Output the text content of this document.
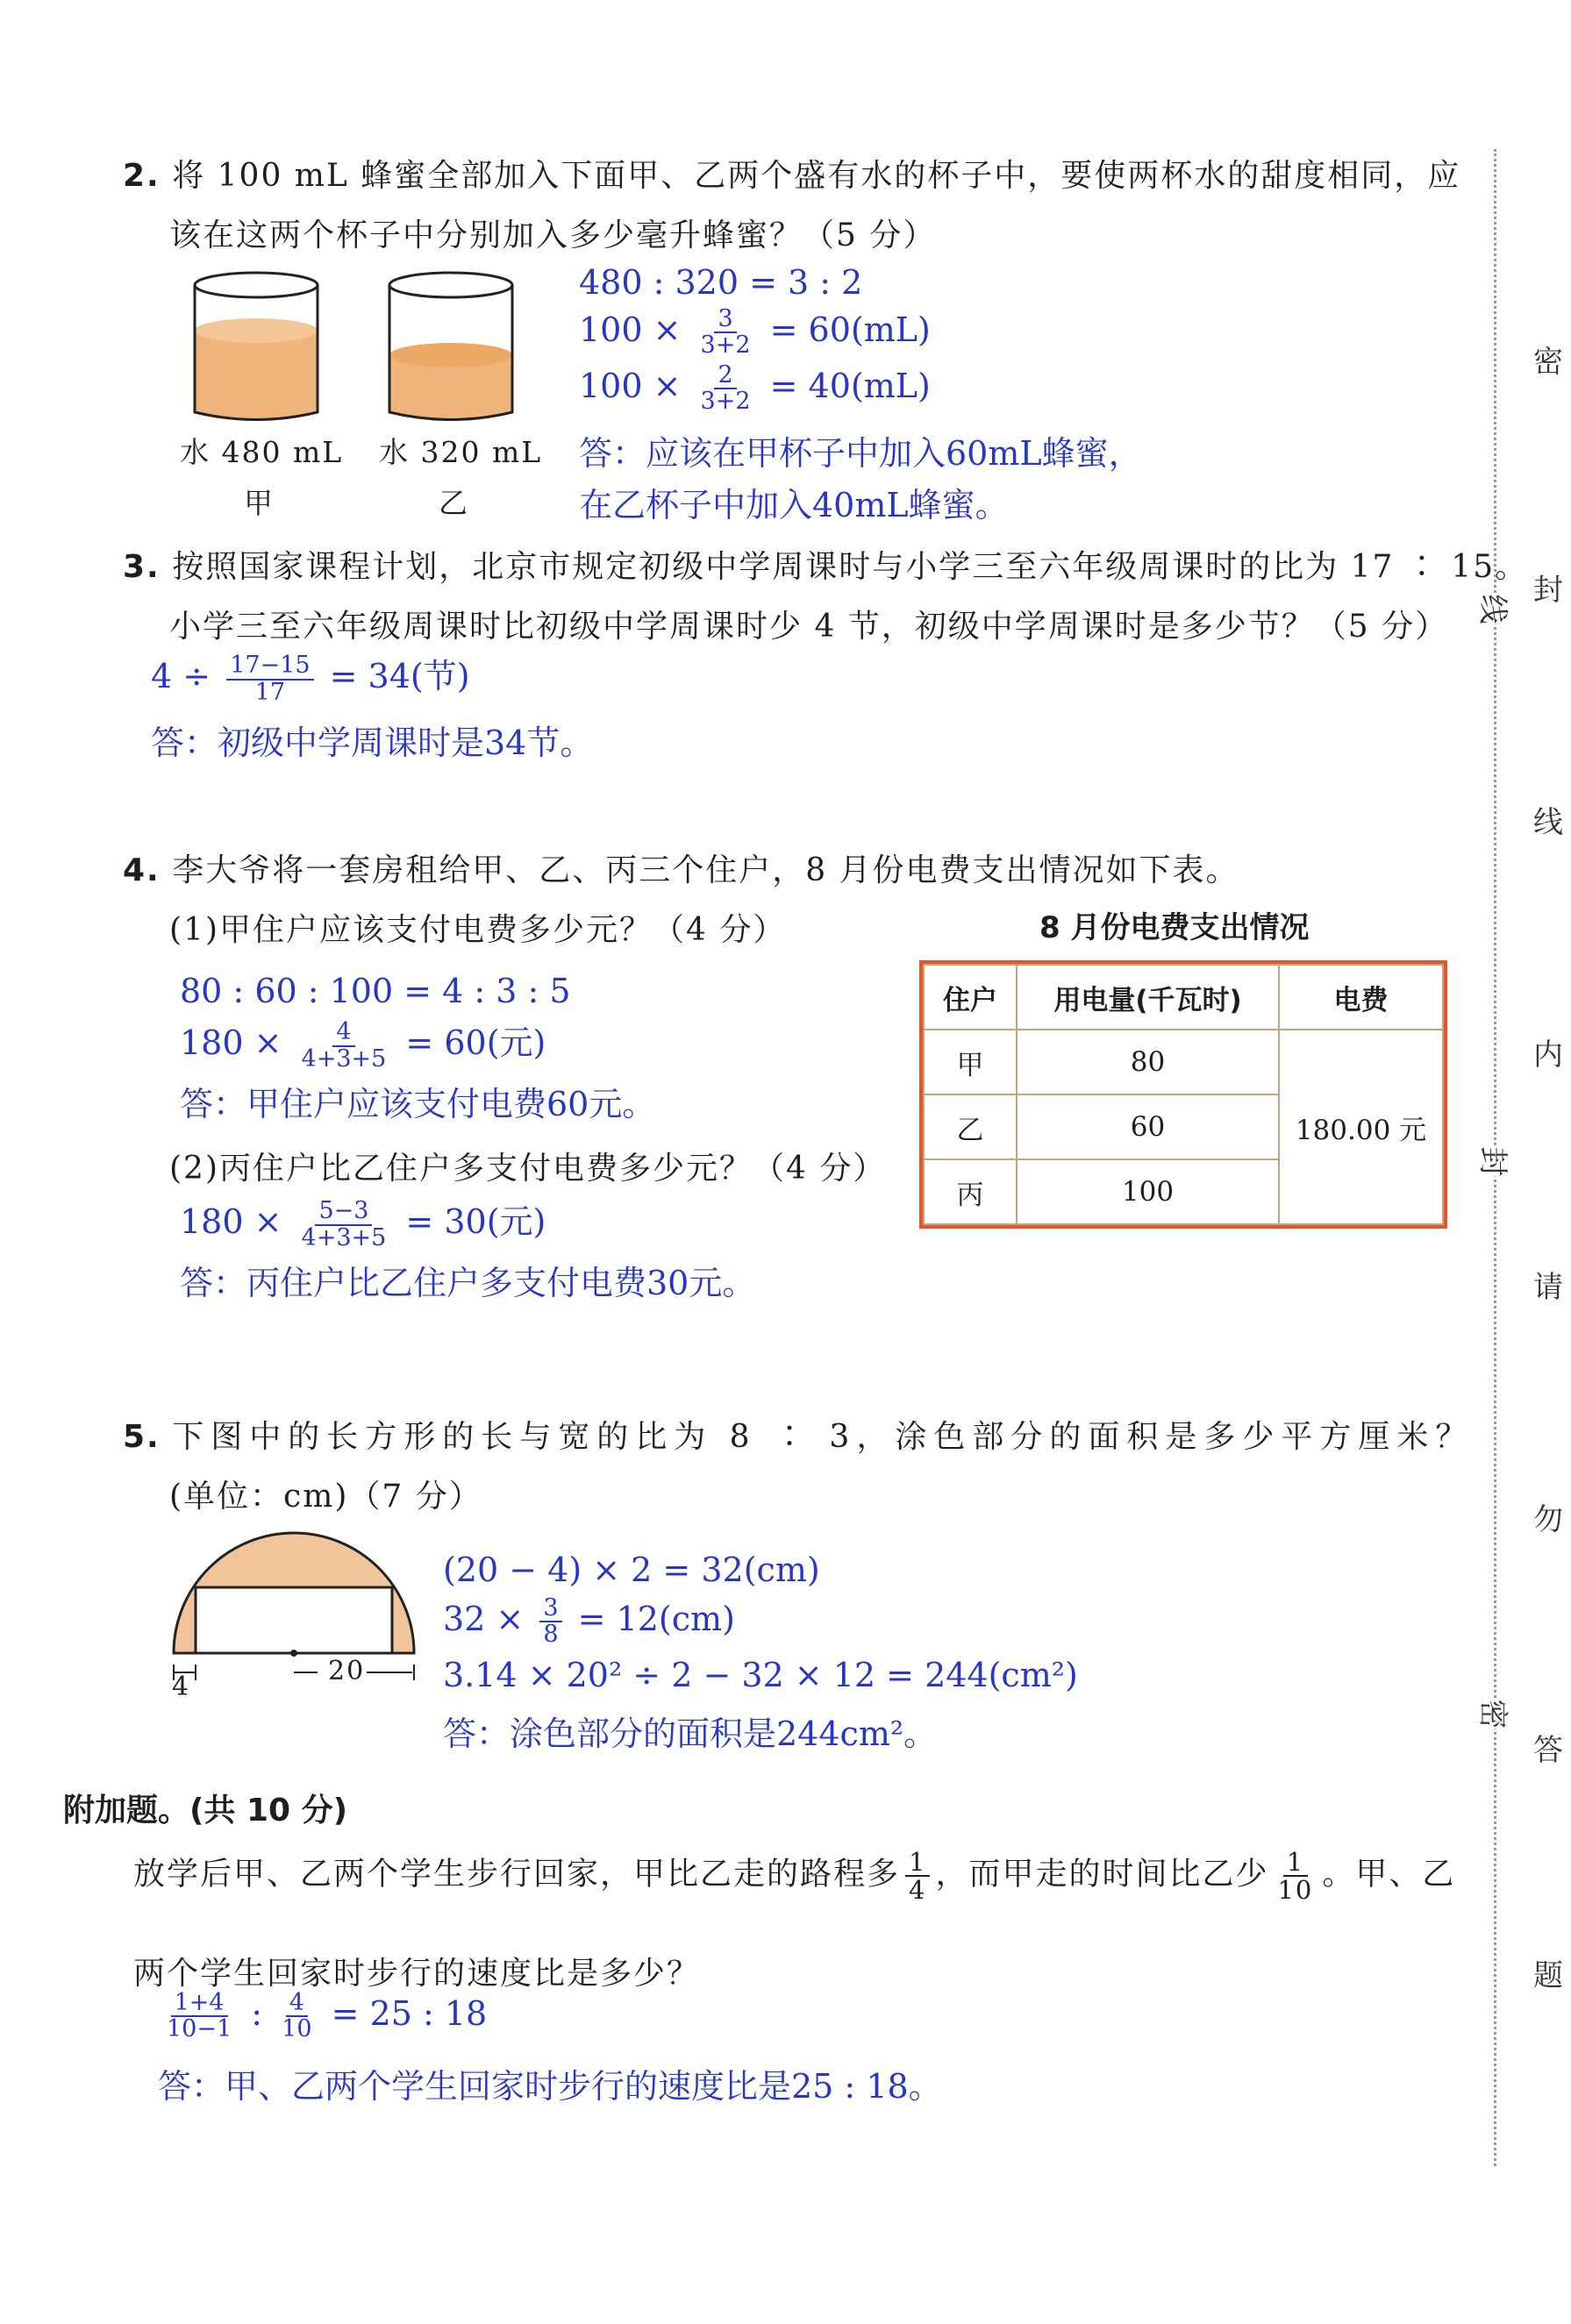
2. 将 100 mL 蜂蜜全部加入下面甲、乙两个盛有水的杯子中，要使两杯水的甜度相同，应
该在这两个杯子中分别加入多少毫升蜂蜜？（5 分）
水 480 mL
甲
水 320 mL
乙
480 : 320 = 3 : 2
$100 \times \frac{3}{3+2} = 60(mL)$
$100 \times \frac{2}{3+2} = 40(mL)$
答：应该在甲杯子中加入60mL蜂蜜，
在乙杯子中加入40mL蜂蜜。
3. 按照国家课程计划，北京市规定初级中学周课时与小学三至六年级周课时的比为 17 ∶ 15。
小学三至六年级周课时比初级中学周课时少 4 节，初级中学周课时是多少节？（5 分）
$4 \div \frac{17-15}{17} = 34$(节)
答：初级中学周课时是34节。
4. 李大爷将一套房租给甲、乙、丙三个住户，8 月份电费支出情况如下表。
(1)甲住户应该支付电费多少元？（4 分）
80 : 60 : 100 = 4 : 3 : 5
$180 \times \frac{4}{4+3+5} = 60$(元)
答：甲住户应该支付电费60元。
(2)丙住户比乙住户多支付电费多少元？（4 分）
$180 \times \frac{5-3}{4+3+5} = 30$(元)
答：丙住户比乙住户多支付电费30元。
8 月份电费支出情况
住户	用电量(千瓦时)	电费
甲	80	180.00 元
乙	60	
丙	100	
5. 下图中的长方形的长与宽的比为 8 ∶ 3，涂色部分的面积是多少平方厘米？
(单位：cm)（7 分）
4
20
(20 − 4) × 2 = 32(cm)
$32 \times \frac{3}{8} = 12(cm)$
3.14 × 20² ÷ 2 − 32 × 12 = 244(cm²)
答：涂色部分的面积是244cm²。
附加题。(共 10 分)
放学后甲、乙两个学生步行回家，甲比乙走的路程多 $\frac{1}{4}$ ，而甲走的时间比乙少 $\frac{1}{10}$ 。甲、乙
两个学生回家时步行的速度比是多少？
$\frac{1+4}{10-1}$ : $\frac{4}{10} = 25$ : 18
答：甲、乙两个学生回家时步行的速度比是25 : 18。
线
封
密
密
封
线
内
请
勿
答
题
